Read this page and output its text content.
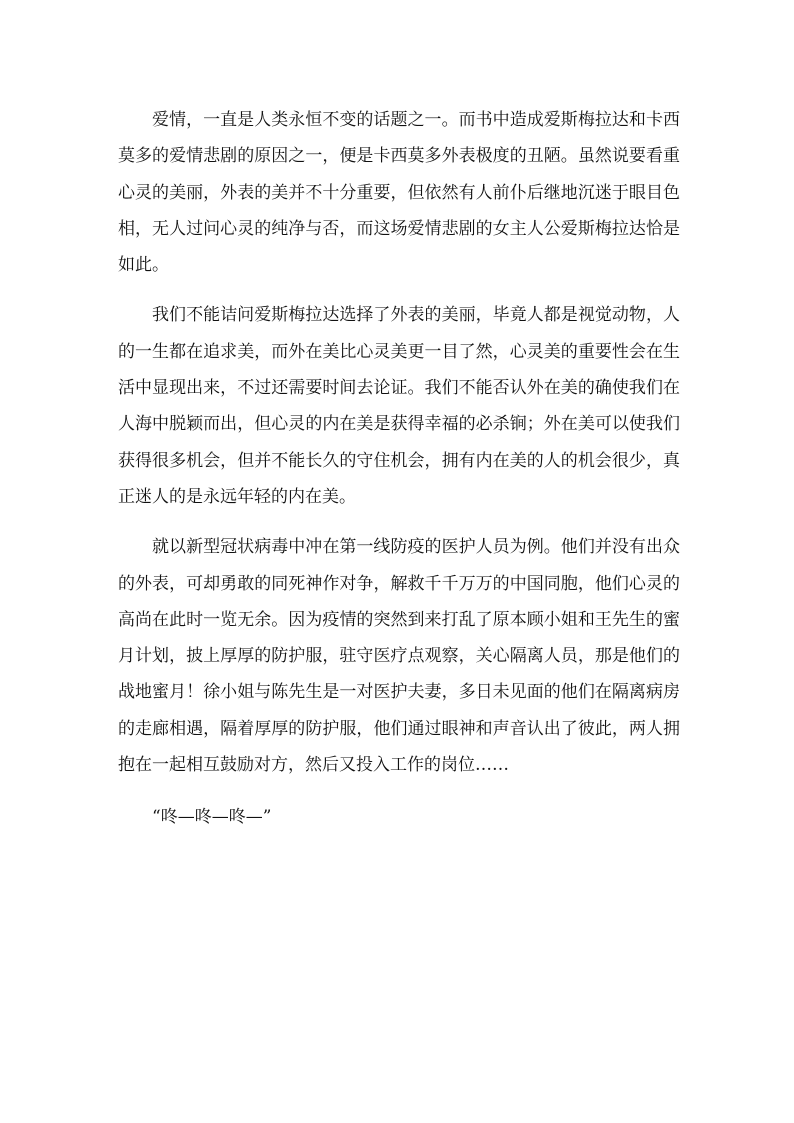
爱情，一直是人类永恒不变的话题之一。而书中造成爱斯梅拉达和卡西莫多的爱情悲剧的原因之一，便是卡西莫多外表极度的丑陋。虽然说要看重心灵的美丽，外表的美并不十分重要，但依然有人前仆后继地沉迷于眼目色相，无人过问心灵的纯净与否，而这场爱情悲剧的女主人公爱斯梅拉达恰是如此。

我们不能诘问爱斯梅拉达选择了外表的美丽，毕竟人都是视觉动物，人的一生都在追求美，而外在美比心灵美更一目了然，心灵美的重要性会在生活中显现出来，不过还需要时间去论证。我们不能否认外在美的确使我们在人海中脱颖而出，但心灵的内在美是获得幸福的必杀锏；外在美可以使我们获得很多机会，但并不能长久的守住机会，拥有内在美的人的机会很少，真正迷人的是永远年轻的内在美。

就以新型冠状病毒中冲在第一线防疫的医护人员为例。他们并没有出众的外表，可却勇敢的同死神作对争，解救千千万万的中国同胞，他们心灵的高尚在此时一览无余。因为疫情的突然到来打乱了原本顾小姐和王先生的蜜月计划，披上厚厚的防护服，驻守医疗点观察，关心隔离人员，那是他们的战地蜜月！徐小姐与陈先生是一对医护夫妻，多日未见面的他们在隔离病房的走廊相遇，隔着厚厚的防护服，他们通过眼神和声音认出了彼此，两人拥抱在一起相互鼓励对方，然后又投入工作的岗位……

“咚—咚—咚—”
